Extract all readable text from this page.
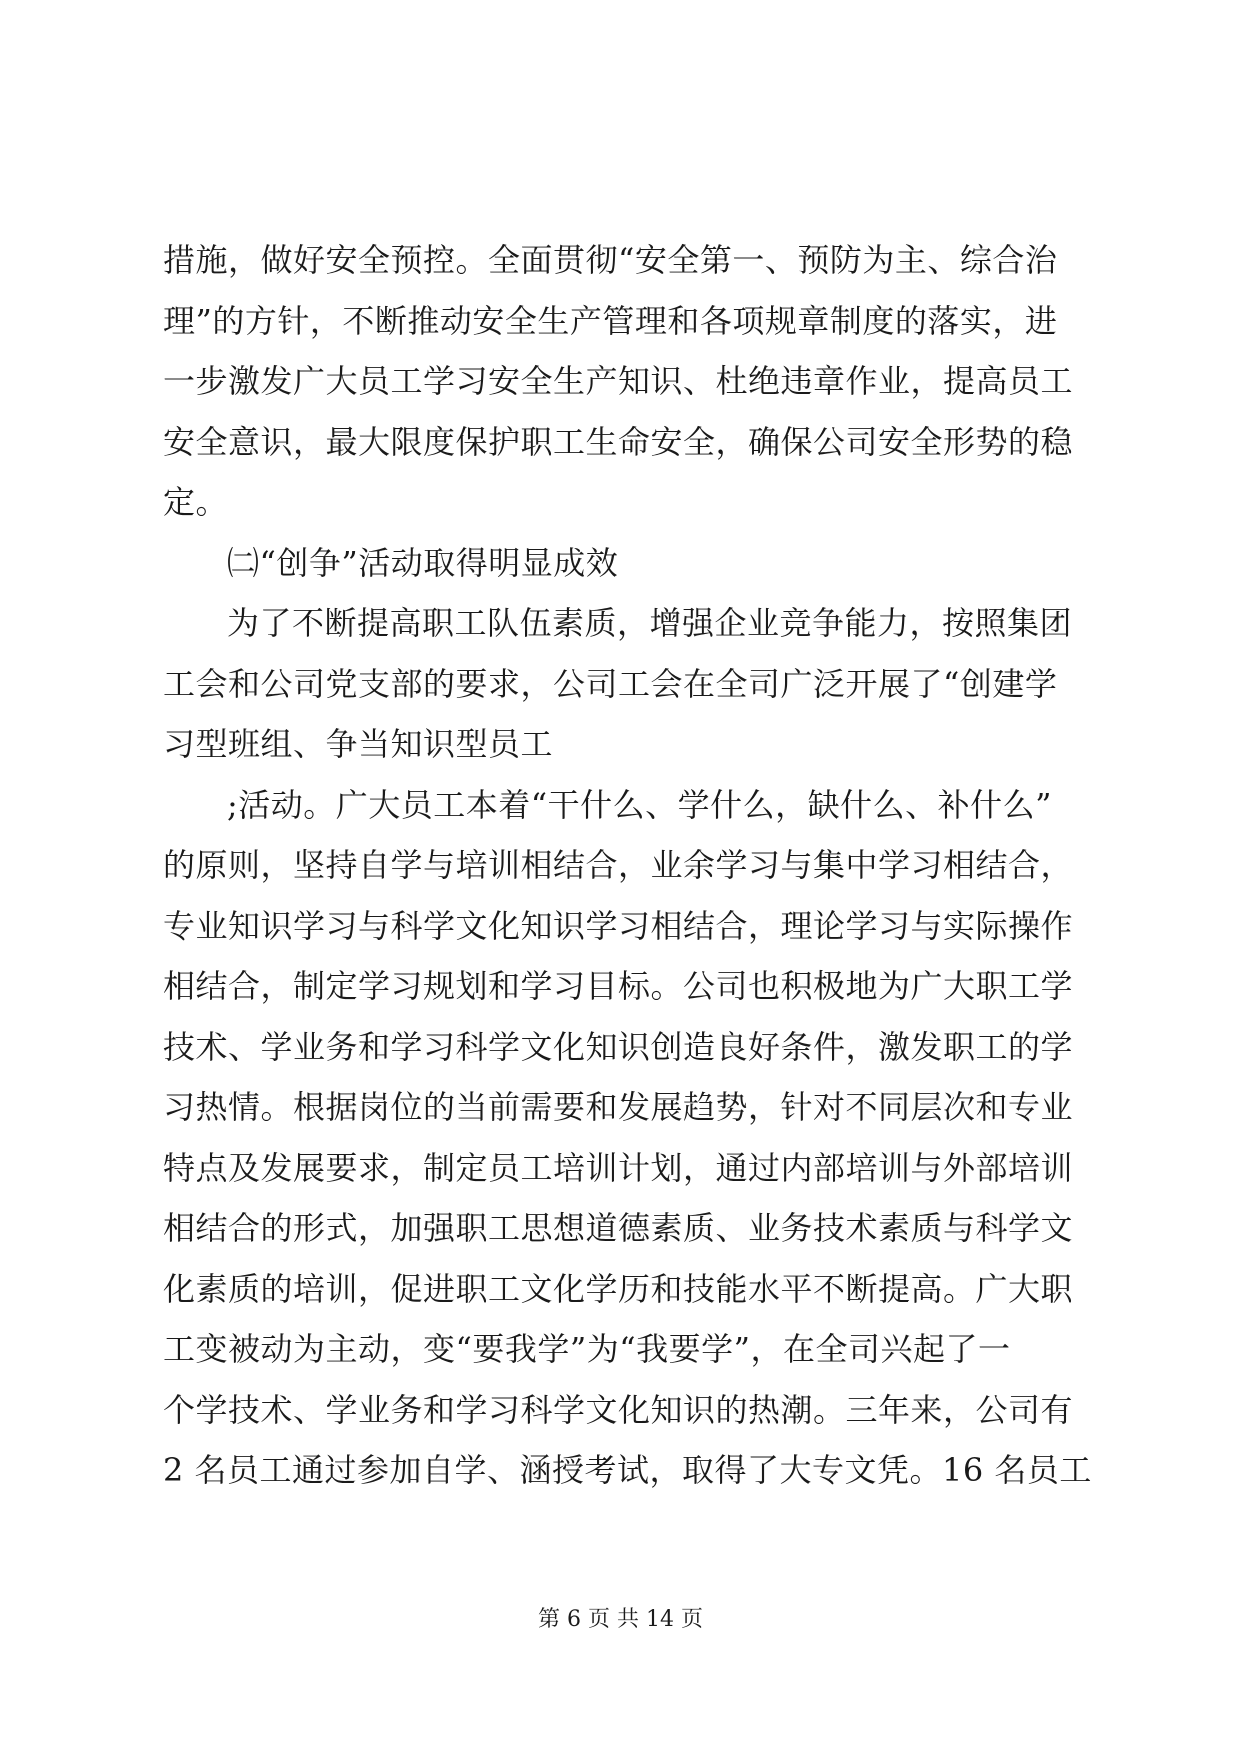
措施，做好安全预控。全面贯彻“安全第一、预防为主、综合治
理”的方针，不断推动安全生产管理和各项规章制度的落实，进
一步激发广大员工学习安全生产知识、杜绝违章作业，提高员工
安全意识，最大限度保护职工生命安全，确保公司安全形势的稳
定。
㈡“创争”活动取得明显成效
为了不断提高职工队伍素质，增强企业竞争能力，按照集团
工会和公司党支部的要求，公司工会在全司广泛开展了“创建学
习型班组、争当知识型员工
;活动。广大员工本着“干什么、学什么，缺什么、补什么”
的原则，坚持自学与培训相结合，业余学习与集中学习相结合，
专业知识学习与科学文化知识学习相结合，理论学习与实际操作
相结合，制定学习规划和学习目标。公司也积极地为广大职工学
技术、学业务和学习科学文化知识创造良好条件，激发职工的学
习热情。根据岗位的当前需要和发展趋势，针对不同层次和专业
特点及发展要求，制定员工培训计划，通过内部培训与外部培训
相结合的形式，加强职工思想道德素质、业务技术素质与科学文
化素质的培训，促进职工文化学历和技能水平不断提高。广大职
工变被动为主动，变“要我学”为“我要学”，在全司兴起了一
个学技术、学业务和学习科学文化知识的热潮。三年来，公司有
2 名员工通过参加自学、涵授考试，取得了大专文凭。16 名员工
第 6 页 共 14 页
